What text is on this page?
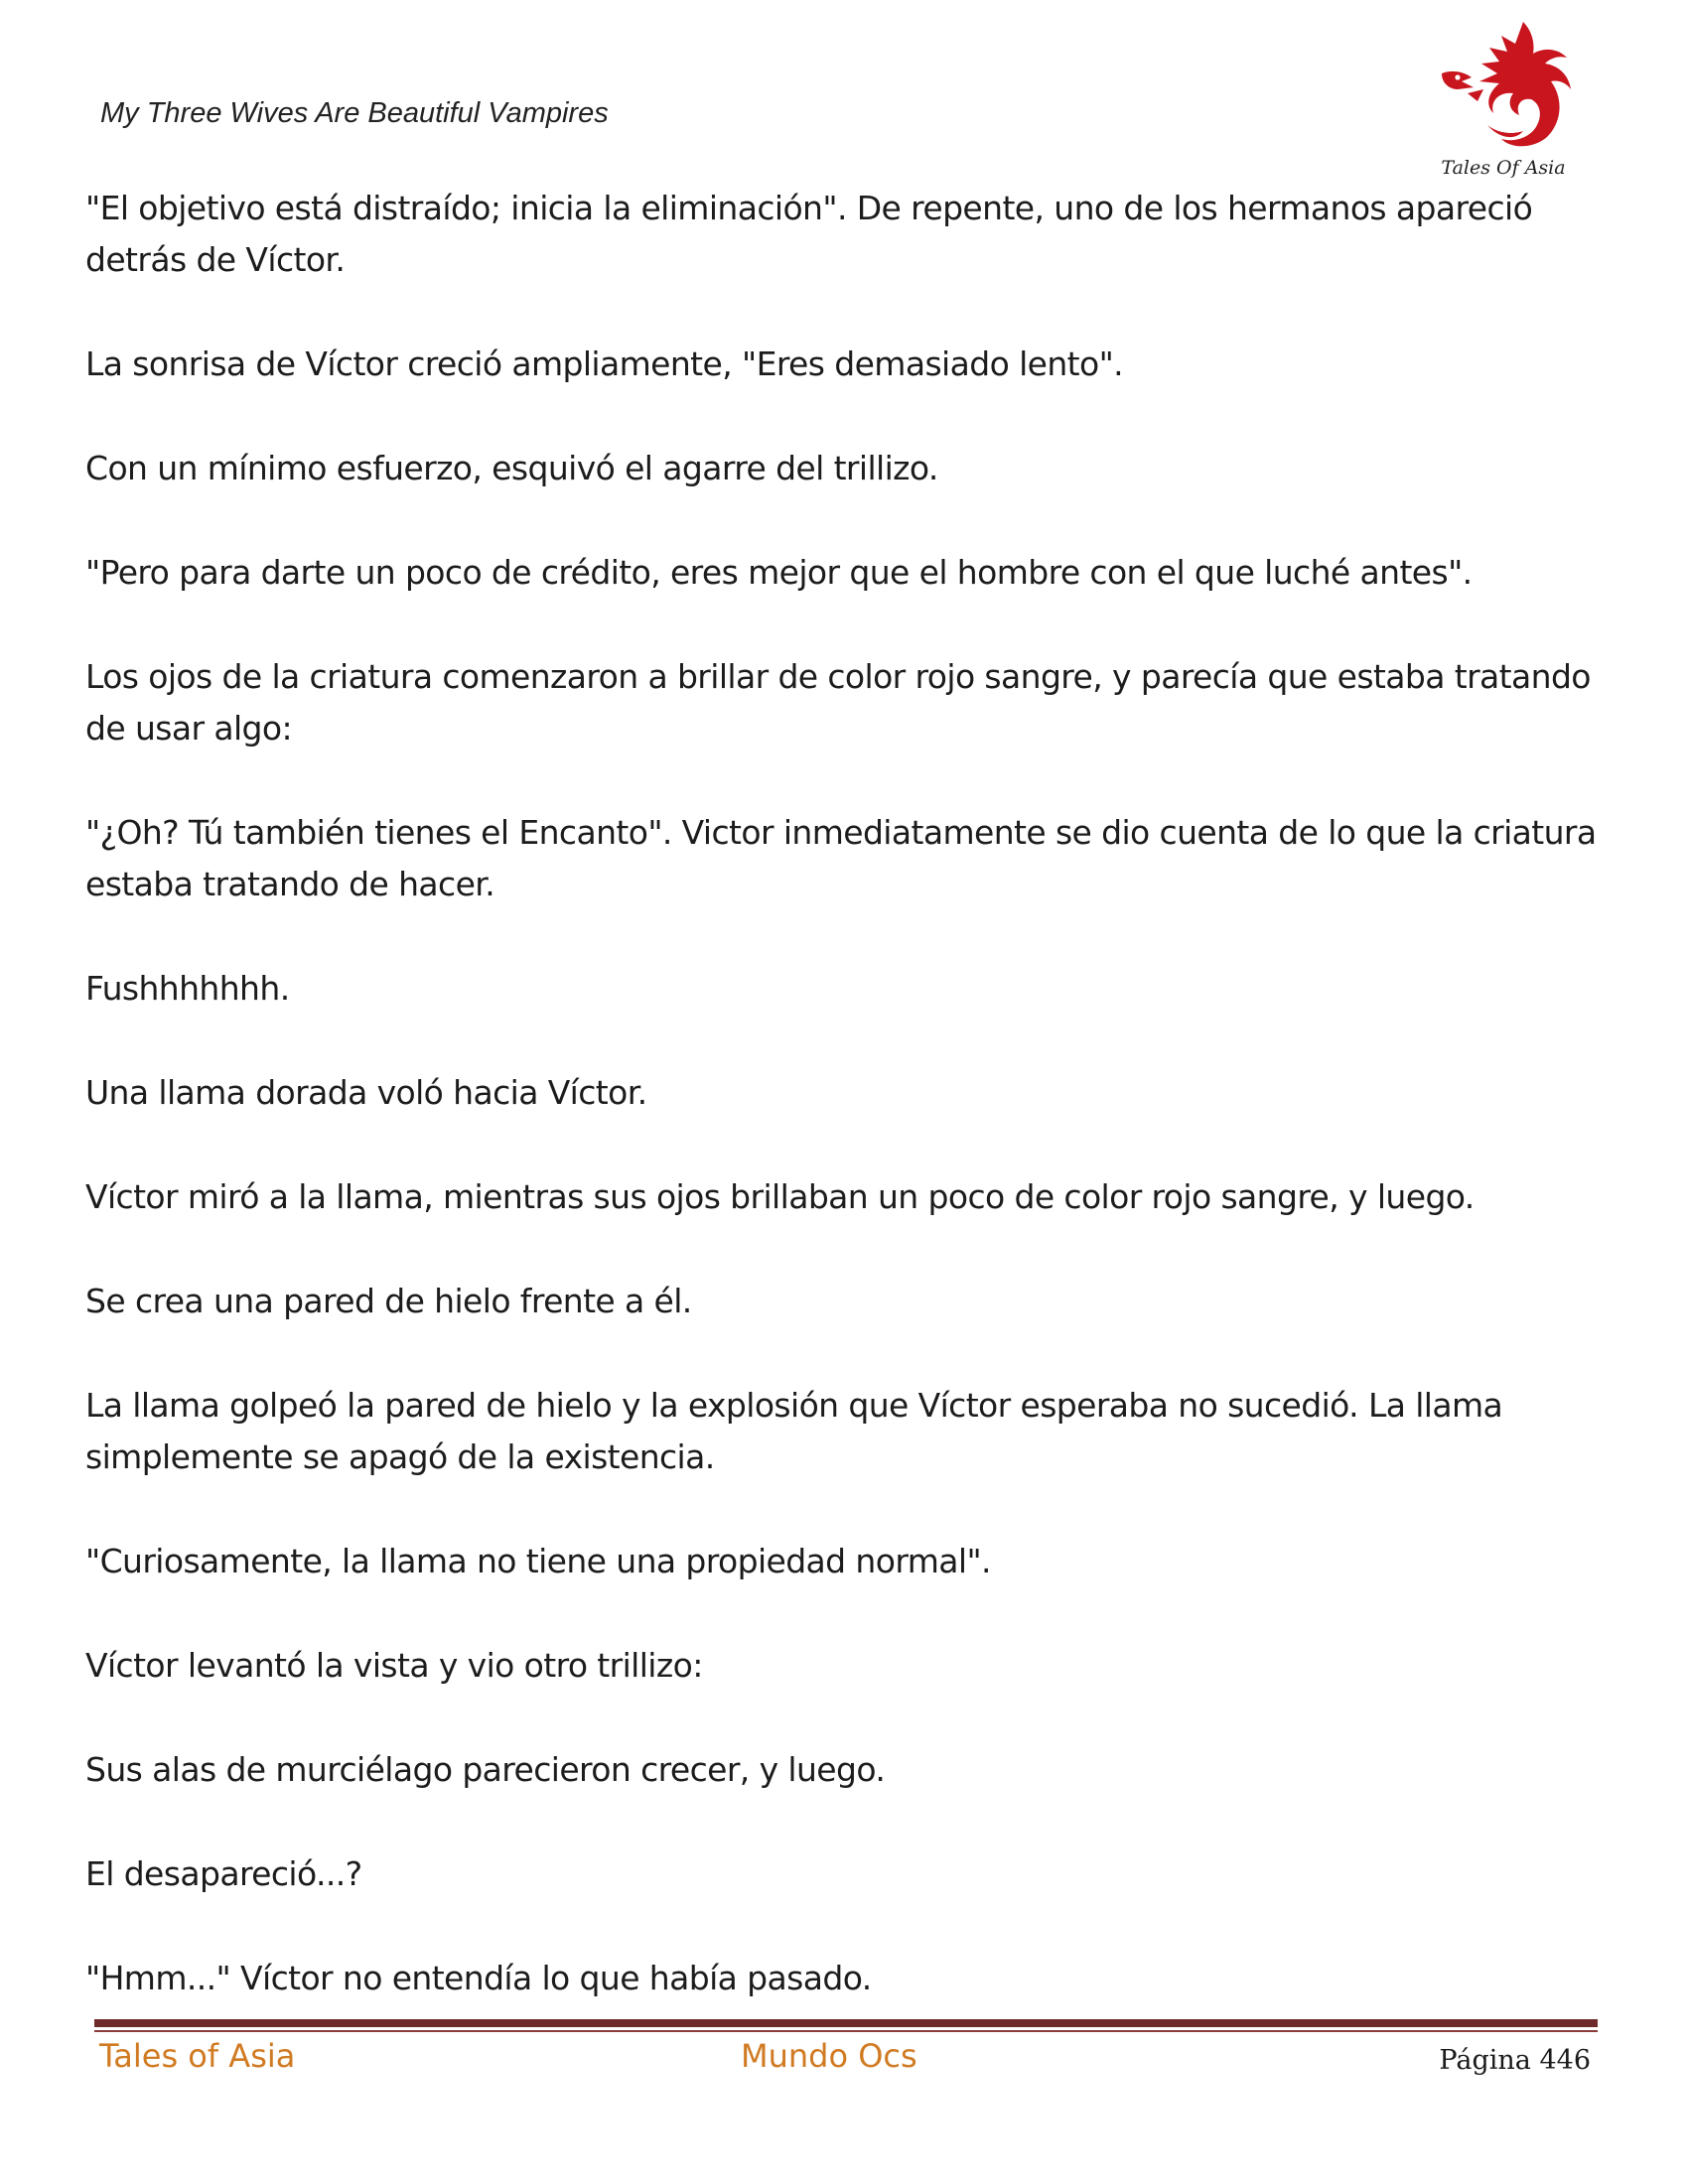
My Three Wives Are Beautiful Vampires
Tales Of Asia

"El objetivo está distraído; inicia la eliminación". De repente, uno de los hermanos apareció detrás de Víctor.

La sonrisa de Víctor creció ampliamente, "Eres demasiado lento".

Con un mínimo esfuerzo, esquivó el agarre del trillizo.

"Pero para darte un poco de crédito, eres mejor que el hombre con el que luché antes".

Los ojos de la criatura comenzaron a brillar de color rojo sangre, y parecía que estaba tratando de usar algo:

"¿Oh? Tú también tienes el Encanto". Victor inmediatamente se dio cuenta de lo que la criatura estaba tratando de hacer.

Fushhhhhhh.

Una llama dorada voló hacia Víctor.

Víctor miró a la llama, mientras sus ojos brillaban un poco de color rojo sangre, y luego.

Se crea una pared de hielo frente a él.

La llama golpeó la pared de hielo y la explosión que Víctor esperaba no sucedió. La llama simplemente se apagó de la existencia.

"Curiosamente, la llama no tiene una propiedad normal".

Víctor levantó la vista y vio otro trillizo:

Sus alas de murciélago parecieron crecer, y luego.

El desapareció...?

"Hmm..." Víctor no entendía lo que había pasado.

Tales of Asia	Mundo Ocs	Página 446
